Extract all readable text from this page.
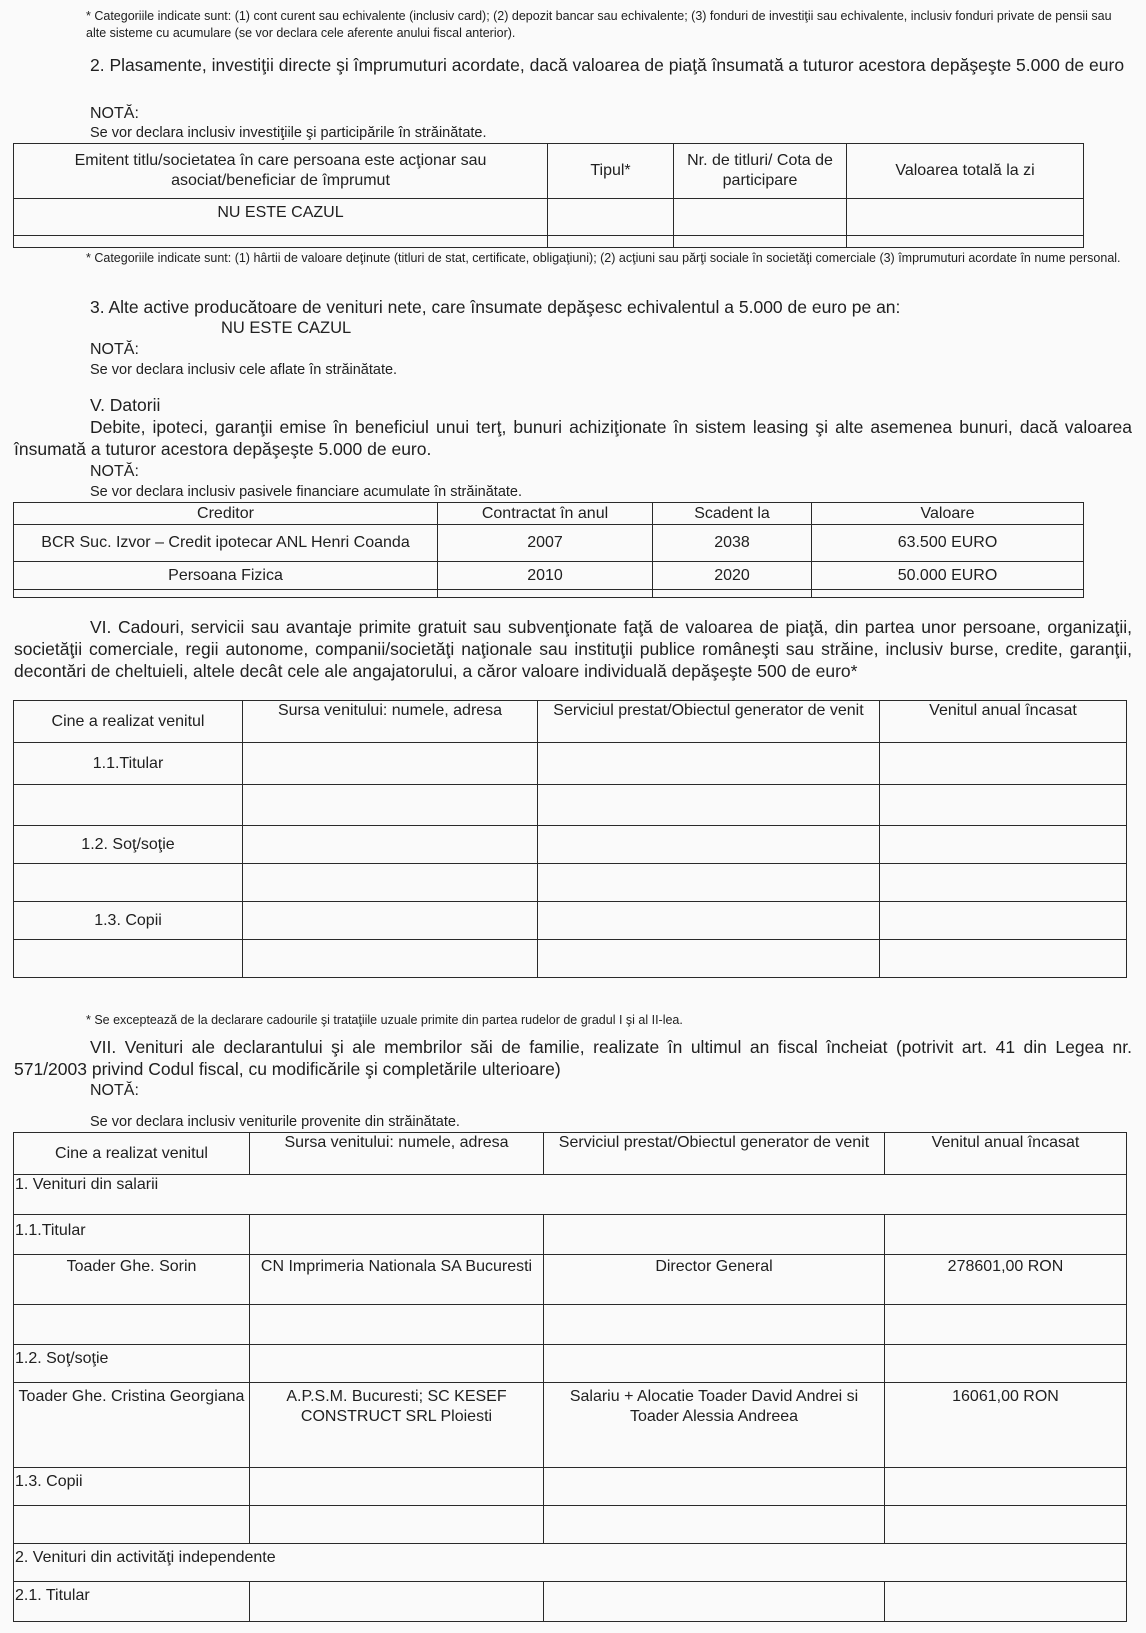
* Categoriile indicate sunt: (1) cont curent sau echivalente (inclusiv card); (2) depozit bancar sau echivalente; (3) fonduri de investiţii sau echivalente, inclusiv fonduri private de pensii sau alte sisteme cu acumulare (se vor declara cele aferente anului fiscal anterior).
2. Plasamente, investiţii directe şi împrumuturi acordate, dacă valoarea de piaţă însumată a tuturor acestora depăşeşte 5.000 de euro
NOTĂ:
Se vor declara inclusiv investiţiile şi participările în străinătate.
Emitent titlu/societatea în care persoana este acţionar sau asociat/beneficiar de împrumut	Tipul*	Nr. de titluri/ Cota de participare	Valoarea totală la zi
NU ESTE CAZUL			

* Categoriile indicate sunt: (1) hârtii de valoare deţinute (titluri de stat, certificate, obligaţiuni); (2) acţiuni sau părţi sociale în societăţi comerciale (3) împrumuturi acordate în nume personal.
3. Alte active producătoare de venituri nete, care însumate depăşesc echivalentul a 5.000 de euro pe an:
NU ESTE CAZUL
NOTĂ:
Se vor declara inclusiv cele aflate în străinătate.
V. Datorii
Debite, ipoteci, garanţii emise în beneficiul unui terţ, bunuri achiziţionate în sistem leasing şi alte asemenea bunuri, dacă valoarea însumată a tuturor acestora depăşeşte 5.000 de euro.
NOTĂ:
Se vor declara inclusiv pasivele financiare acumulate în străinătate.
Creditor	Contractat în anul	Scadent la	Valoare
BCR Suc. Izvor – Credit ipotecar ANL Henri Coanda	2007	2038	63.500 EURO
Persoana Fizica	2010	2020	50.000 EURO

VI. Cadouri, servicii sau avantaje primite gratuit sau subvenţionate faţă de valoarea de piaţă, din partea unor persoane, organizaţii, societăţii comerciale, regii autonome, companii/societăţi naţionale sau instituţii publice româneşti sau străine, inclusiv burse, credite, garanţii, decontări de cheltuieli, altele decât cele ale angajatorului, a căror valoare individuală depăşeşte 500 de euro*
Cine a realizat venitul	Sursa venitului: numele, adresa	Serviciul prestat/Obiectul generator de venit	Venitul anual încasat
1.1.Titular			

1.2. Soţ/soţie			

1.3. Copii			

* Se exceptează de la declarare cadourile şi trataţiile uzuale primite din partea rudelor de gradul I şi al II-lea.
VII. Venituri ale declarantului şi ale membrilor săi de familie, realizate în ultimul an fiscal încheiat (potrivit art. 41 din Legea nr. 571/2003 privind Codul fiscal, cu modificările şi completările ulterioare)
NOTĂ:
Se vor declara inclusiv veniturile provenite din străinătate.
Cine a realizat venitul	Sursa venitului: numele, adresa	Serviciul prestat/Obiectul generator de venit	Venitul anual încasat
1. Venituri din salarii			
1.1.Titular			
Toader Ghe. Sorin	CN Imprimeria Nationala SA Bucuresti	Director General	278601,00 RON

1.2. Soţ/soţie			
Toader Ghe. Cristina Georgiana	A.P.S.M. Bucuresti; SC KESEF CONSTRUCT SRL Ploiesti	Salariu + Alocatie Toader David Andrei si Toader Alessia Andreea	16061,00 RON
1.3. Copii			

2. Venituri din activităţi independente			
2.1. Titular			
